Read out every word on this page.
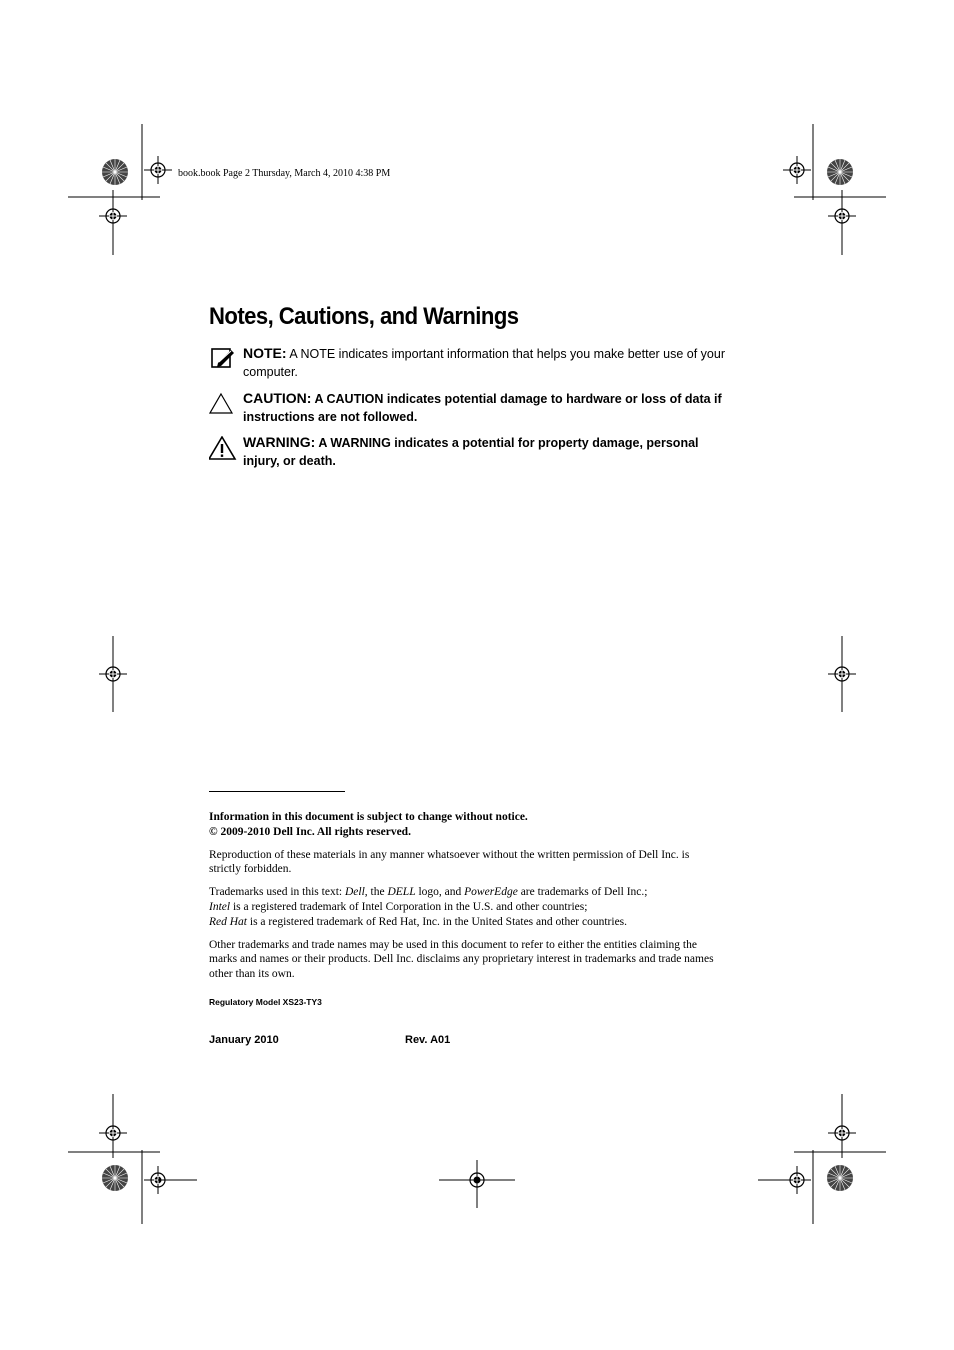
book.book Page 2 Thursday, March 4, 2010 4:38 PM
Notes, Cautions, and Warnings
NOTE: A NOTE indicates important information that helps you make better use of your computer.
CAUTION: A CAUTION indicates potential damage to hardware or loss of data if instructions are not followed.
WARNING: A WARNING indicates a potential for property damage, personal injury, or death.

Information in this document is subject to change without notice.
© 2009-2010 Dell Inc. All rights reserved.

Reproduction of these materials in any manner whatsoever without the written permission of Dell Inc. is strictly forbidden.

Trademarks used in this text: Dell, the DELL logo, and PowerEdge are trademarks of Dell Inc.;
Intel is a registered trademark of Intel Corporation in the U.S. and other countries;
Red Hat is a registered trademark of Red Hat, Inc. in the United States and other countries.

Other trademarks and trade names may be used in this document to refer to either the entities claiming the marks and names or their products. Dell Inc. disclaims any proprietary interest in trademarks and trade names other than its own.

Regulatory Model XS23-TY3
January 2010	Rev. A01
